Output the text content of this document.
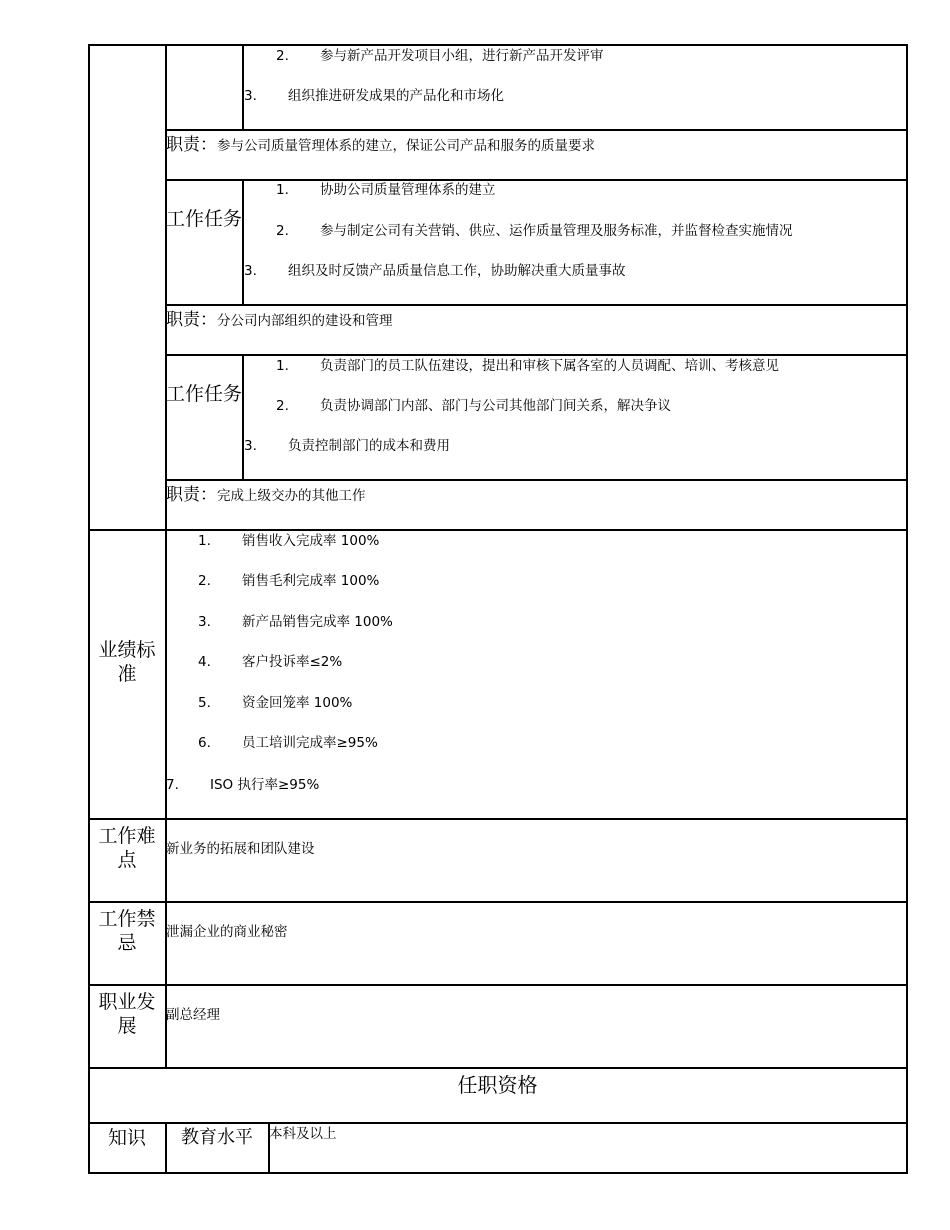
2. 参与新产品开发项目小组，进行新产品开发评审
3. 组织推进研发成果的产品化和市场化
职责：参与公司质量管理体系的建立，保证公司产品和服务的质量要求
工作任务
1. 协助公司质量管理体系的建立
2. 参与制定公司有关营销、供应、运作质量管理及服务标准，并监督检查实施情况
3. 组织及时反馈产品质量信息工作，协助解决重大质量事故
职责：分公司内部组织的建设和管理
工作任务
1. 负责部门的员工队伍建设，提出和审核下属各室的人员调配、培训、考核意见
2. 负责协调部门内部、部门与公司其他部门间关系，解决争议
3. 负责控制部门的成本和费用
职责：完成上级交办的其他工作
业绩标准
1. 销售收入完成率 100%
2. 销售毛利完成率 100%
3. 新产品销售完成率 100%
4. 客户投诉率≤2%
5. 资金回笼率 100%
6. 员工培训完成率≥95%
7. ISO 执行率≥95%
工作难点	新业务的拓展和团队建设
工作禁忌	泄漏企业的商业秘密
职业发展	副总经理
任职资格
知识	教育水平	本科及以上
